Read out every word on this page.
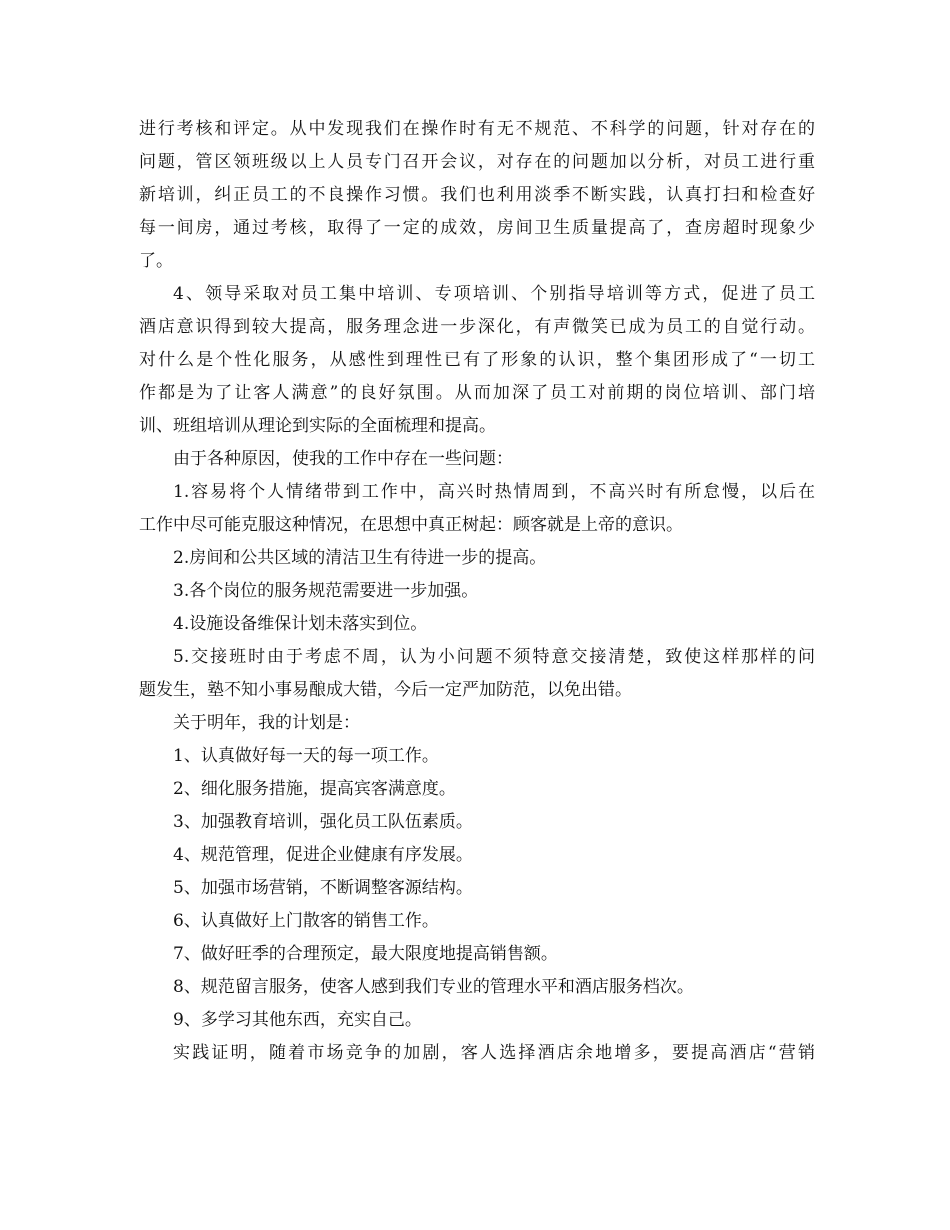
进行考核和评定。从中发现我们在操作时有无不规范、不科学的问题，针对存在的
问题，管区领班级以上人员专门召开会议，对存在的问题加以分析，对员工进行重
新培训，纠正员工的不良操作习惯。我们也利用淡季不断实践，认真打扫和检查好
每一间房，通过考核，取得了一定的成效，房间卫生质量提高了，查房超时现象少
了。
4、领导采取对员工集中培训、专项培训、个别指导培训等方式，促进了员工
酒店意识得到较大提高，服务理念进一步深化，有声微笑已成为员工的自觉行动。
对什么是个性化服务，从感性到理性已有了形象的认识，整个集团形成了“一切工
作都是为了让客人满意”的良好氛围。从而加深了员工对前期的岗位培训、部门培
训、班组培训从理论到实际的全面梳理和提高。
由于各种原因，使我的工作中存在一些问题：
1.容易将个人情绪带到工作中，高兴时热情周到，不高兴时有所怠慢，以后在
工作中尽可能克服这种情况，在思想中真正树起：顾客就是上帝的意识。
2.房间和公共区域的清洁卫生有待进一步的提高。
3.各个岗位的服务规范需要进一步加强。
4.设施设备维保计划未落实到位。
5.交接班时由于考虑不周，认为小问题不须特意交接清楚，致使这样那样的问
题发生，塾不知小事易酿成大错，今后一定严加防范，以免出错。
关于明年，我的计划是：
1、认真做好每一天的每一项工作。
2、细化服务措施，提高宾客满意度。
3、加强教育培训，强化员工队伍素质。
4、规范管理，促进企业健康有序发展。
5、加强市场营销，不断调整客源结构。
6、认真做好上门散客的销售工作。
7、做好旺季的合理预定，最大限度地提高销售额。
8、规范留言服务，使客人感到我们专业的管理水平和酒店服务档次。
9、多学习其他东西，充实自己。
实践证明，随着市场竞争的加剧，客人选择酒店余地增多，要提高酒店“营销
